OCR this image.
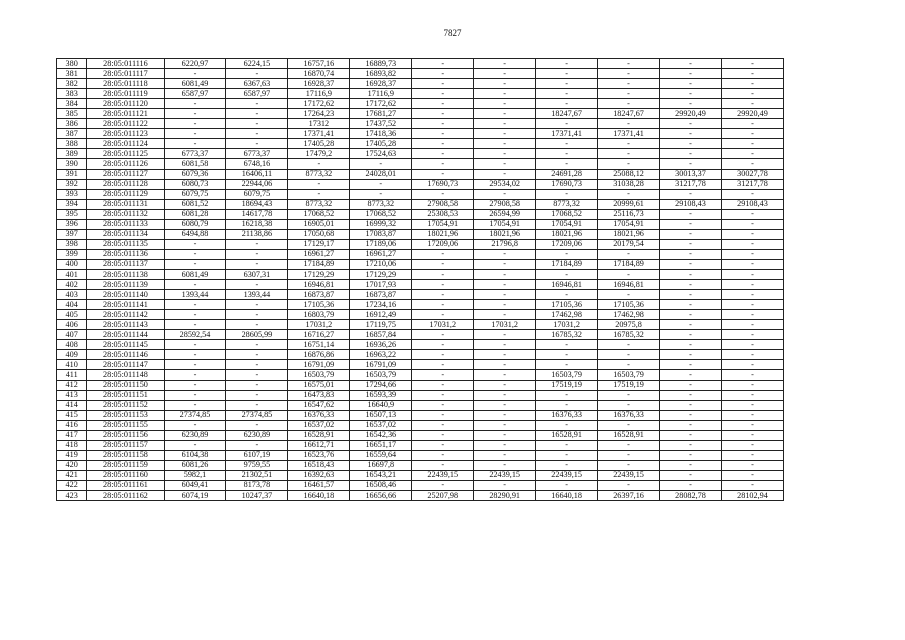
7827
380	28:05:011116	6220,97	6224,15	16757,16	16889,73	-	-	-	-	-	-
381	28:05:011117	-	-	16870,74	16893,82	-	-	-	-	-	-
382	28:05:011118	6081,49	6367,63	16928,37	16928,37	-	-	-	-	-	-
383	28:05:011119	6587,97	6587,97	17116,9	17116,9	-	-	-	-	-	-
384	28:05:011120	-	-	17172,62	17172,62	-	-	-	-	-	-
385	28:05:011121	-	-	17264,23	17681,27	-	-	18247,67	18247,67	29920,49	29920,49
386	28:05:011122	-	-	17312	17437,52	-	-	-	-	-	-
387	28:05:011123	-	-	17371,41	17418,36	-	-	17371,41	17371,41	-	-
388	28:05:011124	-	-	17405,28	17405,28	-	-	-	-	-	-
389	28:05:011125	6773,37	6773,37	17479,2	17524,63	-	-	-	-	-	-
390	28:05:011126	6081,58	6748,16	-	-	-	-	-	-	-	-
391	28:05:011127	6079,36	16406,11	8773,32	24028,01	-	-	24691,28	25088,12	30013,37	30027,78
392	28:05:011128	6080,73	22944,06	-	-	17690,73	29534,02	17690,73	31038,28	31217,78	31217,78
393	28:05:011129	6079,75	6079,75	-	-	-	-	-	-	-	-
394	28:05:011131	6081,52	18694,43	8773,32	8773,32	27908,58	27908,58	8773,32	20999,61	29108,43	29108,43
395	28:05:011132	6081,28	14617,78	17068,52	17068,52	25308,53	26594,99	17068,52	25116,73	-	-
396	28:05:011133	6080,79	16218,38	16905,01	16999,32	17054,91	17054,91	17054,91	17054,91	-	-
397	28:05:011134	6494,88	21138,86	17050,68	17083,87	18021,96	18021,96	18021,96	18021,96	-	-
398	28:05:011135	-	-	17129,17	17189,06	17209,06	21796,8	17209,06	20179,54	-	-
399	28:05:011136	-	-	16961,27	16961,27	-	-	-	-	-	-
400	28:05:011137	-	-	17184,89	17210,06	-	-	17184,89	17184,89	-	-
401	28:05:011138	6081,49	6307,31	17129,29	17129,29	-	-	-	-	-	-
402	28:05:011139	-	-	16946,81	17017,93	-	-	16946,81	16946,81	-	-
403	28:05:011140	1393,44	1393,44	16873,87	16873,87	-	-	-	-	-	-
404	28:05:011141	-	-	17105,36	17234,16	-	-	17105,36	17105,36	-	-
405	28:05:011142	-	-	16803,79	16912,49	-	-	17462,98	17462,98	-	-
406	28:05:011143	-	-	17031,2	17119,75	17031,2	17031,2	17031,2	20975,8	-	-
407	28:05:011144	28592,54	28605,99	16716,27	16857,84	-	-	16785,32	16785,32	-	-
408	28:05:011145	-	-	16751,14	16936,26	-	-	-	-	-	-
409	28:05:011146	-	-	16876,86	16963,22	-	-	-	-	-	-
410	28:05:011147	-	-	16791,09	16791,09	-	-	-	-	-	-
411	28:05:011148	-	-	16503,79	16503,79	-	-	16503,79	16503,79	-	-
412	28:05:011150	-	-	16575,01	17294,66	-	-	17519,19	17519,19	-	-
413	28:05:011151	-	-	16473,83	16593,39	-	-	-	-	-	-
414	28:05:011152	-	-	16547,62	16640,9	-	-	-	-	-	-
415	28:05:011153	27374,85	27374,85	16376,33	16507,13	-	-	16376,33	16376,33	-	-
416	28:05:011155	-	-	16537,02	16537,02	-	-	-	-	-	-
417	28:05:011156	6230,89	6230,89	16528,91	16542,36	-	-	16528,91	16528,91	-	-
418	28:05:011157	-	-	16612,71	16651,17	-	-	-	-	-	-
419	28:05:011158	6104,38	6107,19	16523,76	16559,64	-	-	-	-	-	-
420	28:05:011159	6081,26	9759,55	16518,43	16697,8	-	-	-	-	-	-
421	28:05:011160	5982,1	21302,51	16392,63	16543,21	22439,15	22439,15	22439,15	22439,15	-	-
422	28:05:011161	6049,41	8173,78	16461,57	16508,46	-	-	-	-	-	-
423	28:05:011162	6074,19	10247,37	16640,18	16656,66	25207,98	28290,91	16640,18	26397,16	28082,78	28102,94
